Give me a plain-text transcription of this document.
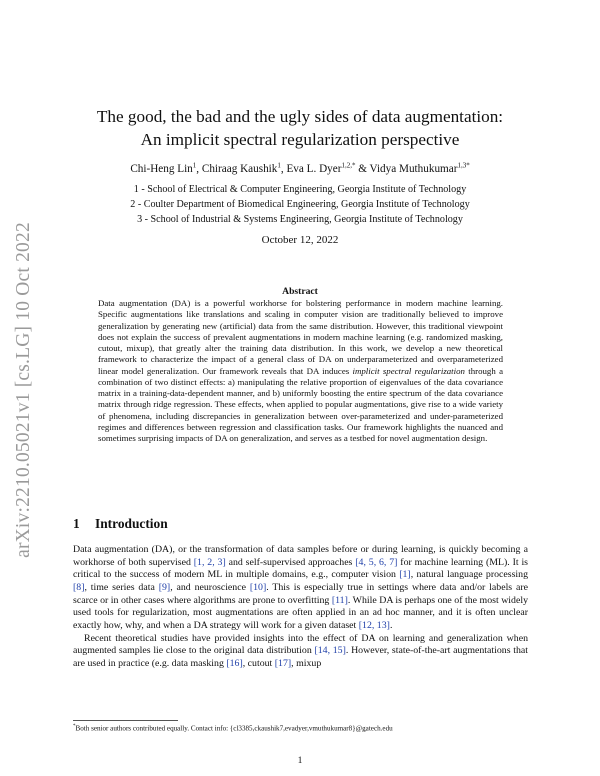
arXiv:2210.05021v1 [cs.LG] 10 Oct 2022
The good, the bad and the ugly sides of data augmentation:
An implicit spectral regularization perspective
Chi-Heng Lin$^1$, Chiraag Kaushik$^1$, Eva L. Dyer$^{1,2,*}$ & Vidya Muthukumar$^{1,3*}$
1 - School of Electrical & Computer Engineering, Georgia Institute of Technology
2 - Coulter Department of Biomedical Engineering, Georgia Institute of Technology
3 - School of Industrial & Systems Engineering, Georgia Institute of Technology
October 12, 2022
Abstract
Data augmentation (DA) is a powerful workhorse for bolstering performance in modern machine learning. Specific augmentations like translations and scaling in computer vision are traditionally believed to improve generalization by generating new (artificial) data from the same distribution. However, this traditional viewpoint does not explain the success of prevalent augmentations in modern machine learning (e.g. randomized masking, cutout, mixup), that greatly alter the training data distribution. In this work, we develop a new theoretical framework to characterize the impact of a general class of DA on underparameterized and overparameterized linear model generalization. Our framework reveals that DA induces implicit spectral regularization through a combination of two distinct effects: a) manipulating the relative proportion of eigenvalues of the data covariance matrix in a training-data-dependent manner, and b) uniformly boosting the entire spectrum of the data covariance matrix through ridge regression. These effects, when applied to popular augmentations, give rise to a wide variety of phenomena, including discrepancies in generalization between over-parameterized and under-parameterized regimes and differences between regression and classification tasks. Our framework highlights the nuanced and sometimes surprising impacts of DA on generalization, and serves as a testbed for novel augmentation design.
1 Introduction

Data augmentation (DA), or the transformation of data samples before or during learning, is quickly becoming a workhorse of both supervised [1, 2, 3] and self-supervised approaches [4, 5, 6, 7] for machine learning (ML). It is critical to the success of modern ML in multiple domains, e.g., computer vision [1], natural language processing [8], time series data [9], and neuroscience [10]. This is especially true in settings where data and/or labels are scarce or in other cases where algorithms are prone to overfitting [11]. While DA is perhaps one of the most widely used tools for regularization, most augmentations are often applied in an ad hoc manner, and it is often unclear exactly how, why, and when a DA strategy will work for a given dataset [12, 13].

Recent theoretical studies have provided insights into the effect of DA on learning and generalization when augmented samples lie close to the original data distribution [14, 15]. However, state-of-the-art augmentations that are used in practice (e.g. data masking [16], cutout [17], mixup

*Both senior authors contributed equally. Contact info: {cl3385,ckaushik7,evadyer,vmuthukumar8}@gatech.edu
1
